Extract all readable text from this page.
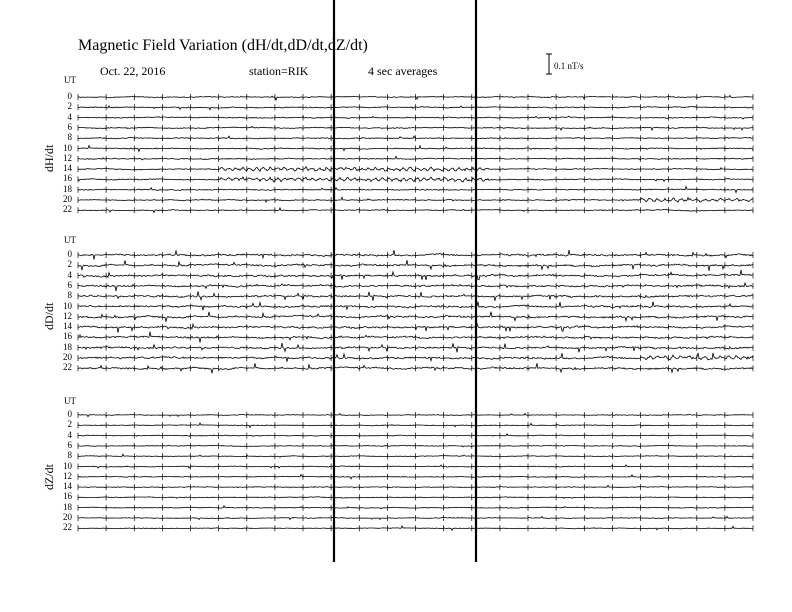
Magnetic Field Variation (dH/dt,dD/dt,dZ/dt)
Oct. 22, 2016	station=RIK	4 sec averages	0.1 nT/s
UT
dH/dt
0
2
4
6
8
10
12
14
16
18
20
22
UT
dD/dt
0
2
4
6
8
10
12
14
16
18
20
22
UT
dZ/dt
0
2
4
6
8
10
12
14
16
18
20
22
